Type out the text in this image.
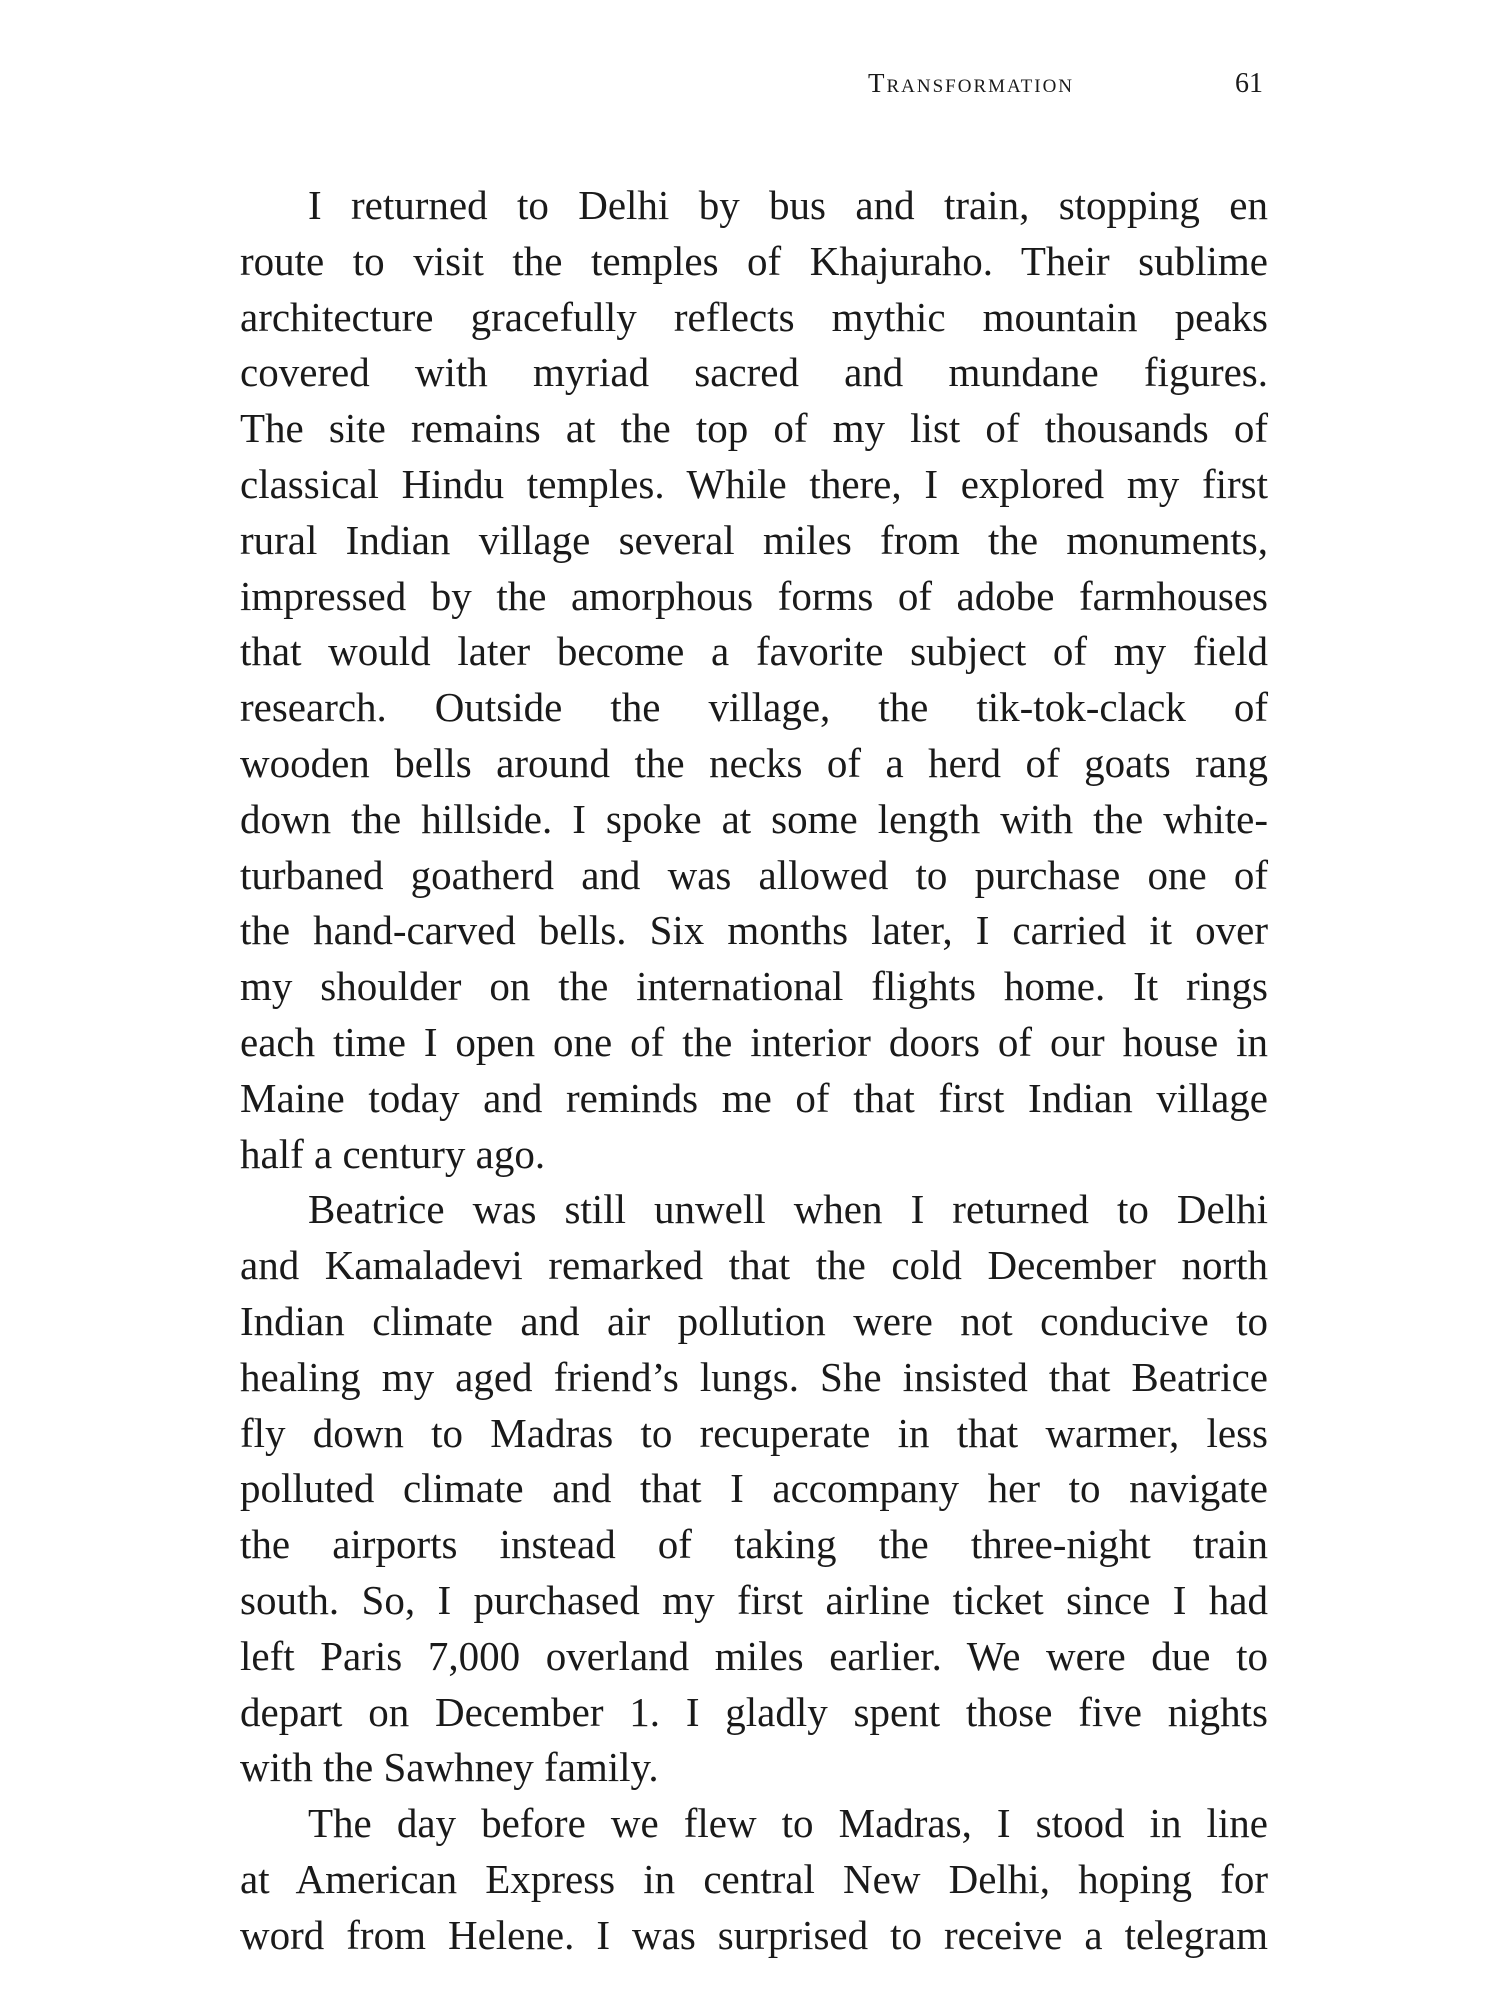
Transformation	61
I returned to Delhi by bus and train, stopping en
route to visit the temples of Khajuraho. Their sublime
architecture gracefully reflects mythic mountain peaks
covered with myriad sacred and mundane figures.
The site remains at the top of my list of thousands of
classical Hindu temples. While there, I explored my first
rural Indian village several miles from the monuments,
impressed by the amorphous forms of adobe farmhouses
that would later become a favorite subject of my field
research. Outside the village, the tik-tok-clack of
wooden bells around the necks of a herd of goats rang
down the hillside. I spoke at some length with the white-
turbaned goatherd and was allowed to purchase one of
the hand-carved bells. Six months later, I carried it over
my shoulder on the international flights home. It rings
each time I open one of the interior doors of our house in
Maine today and reminds me of that first Indian village
half a century ago.
Beatrice was still unwell when I returned to Delhi
and Kamaladevi remarked that the cold December north
Indian climate and air pollution were not conducive to
healing my aged friend’s lungs. She insisted that Beatrice
fly down to Madras to recuperate in that warmer, less
polluted climate and that I accompany her to navigate
the airports instead of taking the three-night train
south. So, I purchased my first airline ticket since I had
left Paris 7,000 overland miles earlier. We were due to
depart on December 1. I gladly spent those five nights
with the Sawhney family.
The day before we flew to Madras, I stood in line
at American Express in central New Delhi, hoping for
word from Helene. I was surprised to receive a telegram
